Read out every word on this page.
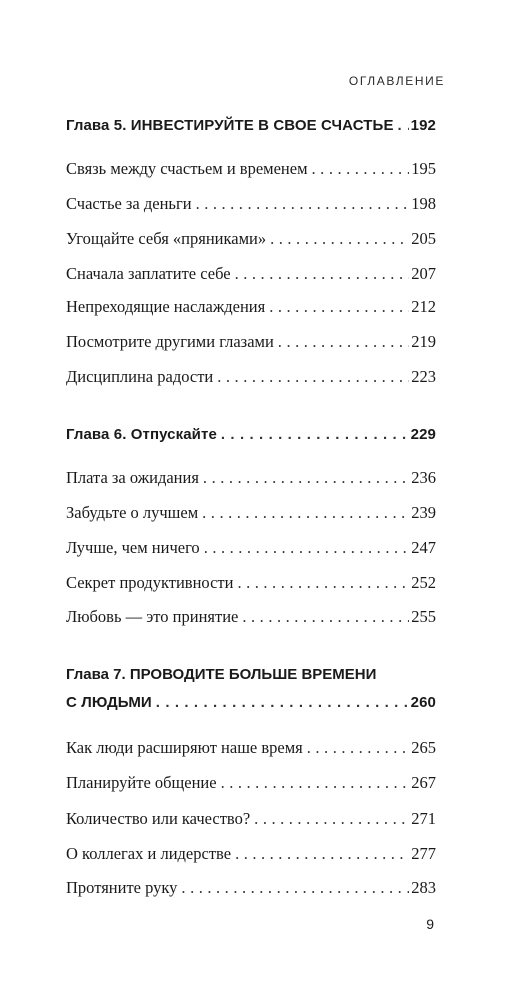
ОГЛАВЛЕНИЕ
Глава 5. ИНВЕСТИРУЙТЕ В СВОЕ СЧАСТЬЕ . . . 192
Связь между счастьем и временем . . .	195
Счастье за деньги . . .	198
Угощайте себя «пряниками» . . .	205
Сначала заплатите себе . . .	207
Непреходящие наслаждения . . .	212
Посмотрите другими глазами . . .	219
Дисциплина радости . . .	223
Глава 6. Отпускайте . . .	229
Плата за ожидания . . .	236
Забудьте о лучшем . . .	239
Лучше, чем ничего . . .	247
Секрет продуктивности . . .	252
Любовь — это принятие . . .	255
Глава 7. ПРОВОДИТЕ БОЛЬШЕ ВРЕМЕНИ
С ЛЮДЬМИ . . .	260
Как люди расширяют наше время . . .	265
Планируйте общение . . .	267
Количество или качество? . . .	271
О коллегах и лидерстве . . .	277
Протяните руку . . .	283
9
